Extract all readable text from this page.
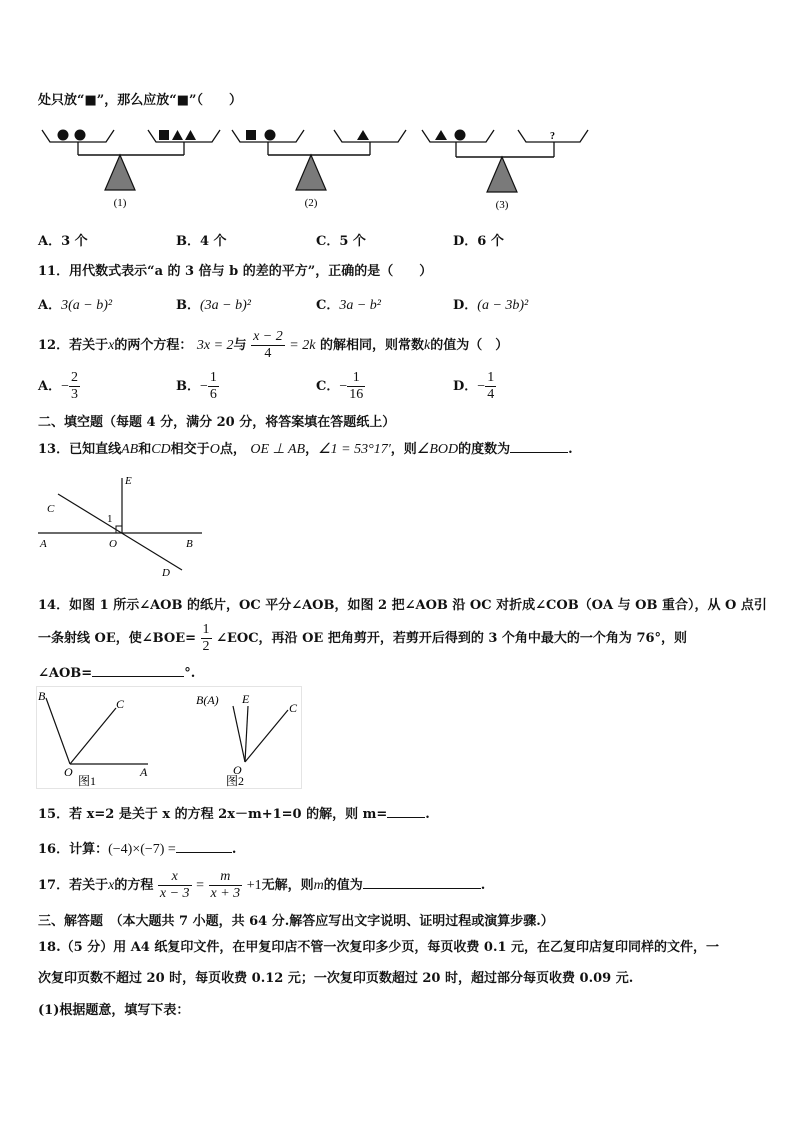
处只放“■”，那么应放“■”（　　）
(1)	(2)
?
(3)
A．3 个	B．4 个	C．5 个	D．6 个
11．用代数式表示“a 的 3 倍与 b 的差的平方”，正确的是（　　）
A．3(a − b)²	B．(3a − b)²	C．3a − b²	D．(a − 3b)²
12．若关于x的两个方程： 3x = 2与 $\frac{x - 2}{4} = 2k$ 的解相同，则常数k的值为（　）
A．− $\frac{2}{3}$	B．− $\frac{1}{6}$	C．− $\frac{1}{16}$	D．− $\frac{1}{4}$
二、填空题（每题 4 分，满分 20 分，将答案填在答题纸上）
13．已知直线AB和CD相交于O点， OE ⊥ AB，∠1 = 53°17′，则∠BOD的度数为	.
E
C
1
A	O	B
D
14．如图 1 所示∠AOB 的纸片，OC 平分∠AOB，如图 2 把∠AOB 沿 OC 对折成∠COB（OA 与 OB 重合），从 O 点引
一条射线 OE，使∠BOE= $\frac{1}{2}$ ∠EOC，再沿 OE 把角剪开，若剪开后得到的 3 个角中最大的一个角为 76°，则
∠AOB=	°.
B
C
O	A
图1
B(A) E
C
O
图2
15．若 x=2 是关于 x 的方程 2x－m+1=0 的解，则 m=	.
16．计算：(−4)×(−7) =	.
17．若关于x的方程 $\frac{x}{x - 3} = \frac{m}{x + 3} +1$无解，则m的值为	.
三、解答题　（本大题共 7 小题，共 64 分.解答应写出文字说明、证明过程或演算步骤.）
18.（5 分）用 A4 纸复印文件，在甲复印店不管一次复印多少页，每页收费 0.1 元，在乙复印店复印同样的文件，一
次复印页数不超过 20 时，每页收费 0.12 元；一次复印页数超过 20 时，超过部分每页收费 0.09 元.
(1)根据题意，填写下表：
